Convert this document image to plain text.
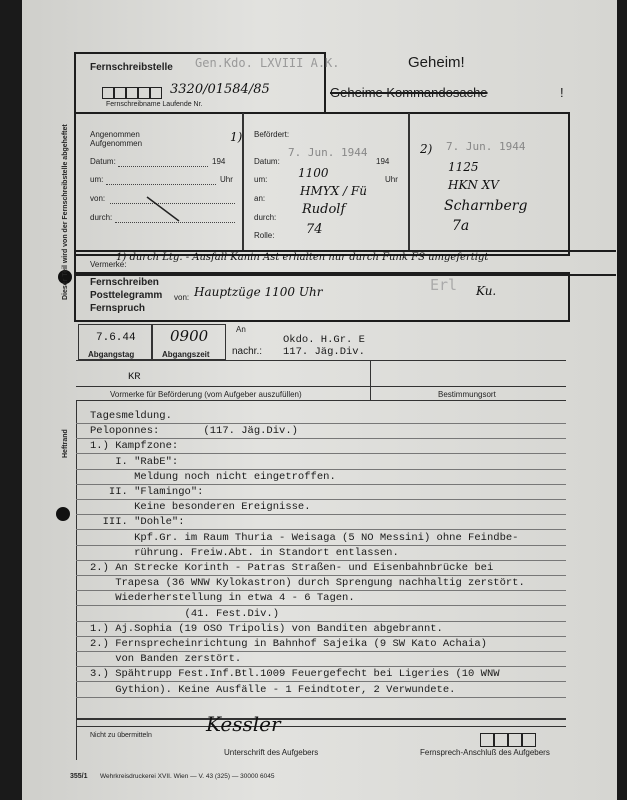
Dieser Teil wird von der Fernschreibstelle abgeheftet
Heftrand
Fernschreibstelle Gen.Kdo. LXVIII A.K.
3320/01584/85
Fernschreibname Laufende Nr.
Geheim!
Geheime Kommandosache	!
Angenommen
Aufgenommen
Datum:	194
um:	Uhr
von:
durch:
1) Befördert:
Datum:
7. Jun. 1944
194
um:	1100	Uhr
an:
HMYX / Fü
durch:
Rudolf
Rolle: 74
2) 7. Jun. 1944
1125
HKN XV
Scharnberg
7a
Vermerke:
1) durch Ltg. - Ausfall Kanin Ast erhalten nur durch Funk FS umgefertigt
Fernschreiben
Posttelegramm
Fernspruch
von: Hauptzüge 1100 Uhr	Erl Ku.
7.6.44 0900
Abgangstag	Abgangszeit
An
Okdo. H.Gr. E
nachr.: 117. Jäg.Div.
KR
Vormerke für Beförderung (vom Aufgeber auszufüllen)	Bestimmungsort
Tagesmeldung.
Peloponnes:       (117. Jäg.Div.)
1.) Kampfzone:
I. "RabE":
Meldung noch nicht eingetroffen.
II. "Flamingo":
Keine besonderen Ereignisse.
III. "Dohle":
Kpf.Gr. im Raum Thuria - Weisaga (5 NO Messini) ohne Feindbe-
rührung. Freiw.Abt. in Standort entlassen.
2.) An Strecke Korinth - Patras Straßen- und Eisenbahnbrücke bei
Trapesa (36 WNW Kylokastron) durch Sprengung nachhaltig zerstört.
Wiederherstellung in etwa 4 - 6 Tagen.
(41. Fest.Div.)
1.) Aj.Sophia (19 OSO Tripolis) von Banditen abgebrannt.
2.) Fernsprecheinrichtung in Bahnhof Sajeika (9 SW Kato Achaia)
von Banden zerstört.
3.) Spähtrupp Fest.Inf.Btl.1009 Feuergefecht bei Ligeries (10 WNW
Gythion). Keine Ausfälle - 1 Feindtoter, 2 Verwundete.
Nicht zu übermitteln	Kessler
Unterschrift des Aufgebers	Fernsprech-Anschluß des Aufgebers
355/1 Wehrkreisdruckerei XVII. Wien — V. 43 (325) — 30000 6045
